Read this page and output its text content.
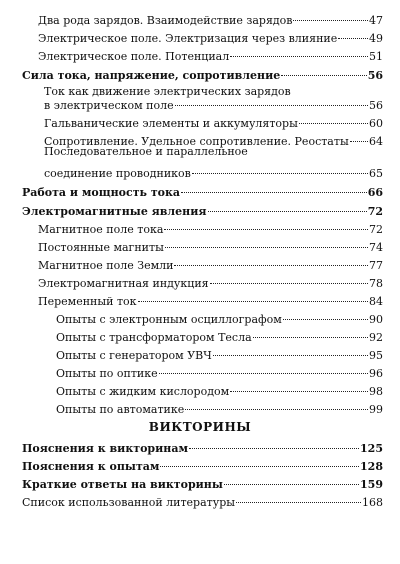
Два рода зарядов. Взаимодействие зарядов	47
Электрическое поле. Электризация через влияние	49
Электрическое поле. Потенциал	51
Сила тока, напряжение, сопротивление	56
Ток как движение электрических зарядов
в электрическом поле	56
Гальванические элементы и аккумуляторы	60
Сопротивление. Удельное сопротивление. Реостаты 64
Последовательное и параллельное
соединение проводников	65
Работа и мощность тока	66
Электромагнитные явления	72
Магнитное поле тока	72
Постоянные магниты	74
Магнитное поле Земли	77
Электромагнитная индукция	78
Переменный ток	84
Опыты с электронным осциллографом	90
Опыты с трансформатором Тесла	92
Опыты с генератором УВЧ	95
Опыты по оптике	96
Опыты с жидким кислородом	98
Опыты по автоматике	99
ВИКТОРИНЫ
Пояснения к викторинам	125
Пояснения к опытам	128
Краткие ответы на викторины	159
Список использованной литературы	168
